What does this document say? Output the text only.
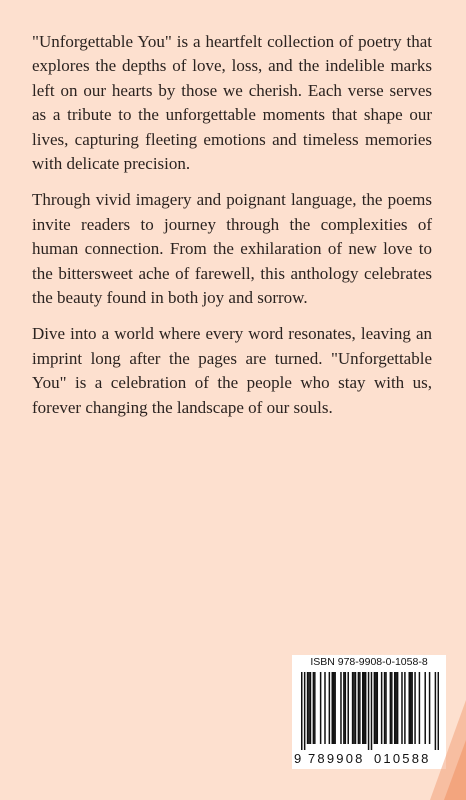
"Unforgettable You" is a heartfelt collection of poetry that explores the depths of love, loss, and the indelible marks left on our hearts by those we cherish. Each verse serves as a tribute to the unforgettable moments that shape our lives, capturing fleeting emotions and timeless memories with delicate precision.

Through vivid imagery and poignant language, the poems invite readers to journey through the complexities of human connection. From the exhilaration of new love to the bittersweet ache of farewell, this anthology celebrates the beauty found in both joy and sorrow.

Dive into a world where every word resonates, leaving an imprint long after the pages are turned. "Unforgettable You" is a celebration of the people who stay with us, forever changing the landscape of our souls.

ISBN 978-9908-0-1058-8
9 789908 010588
